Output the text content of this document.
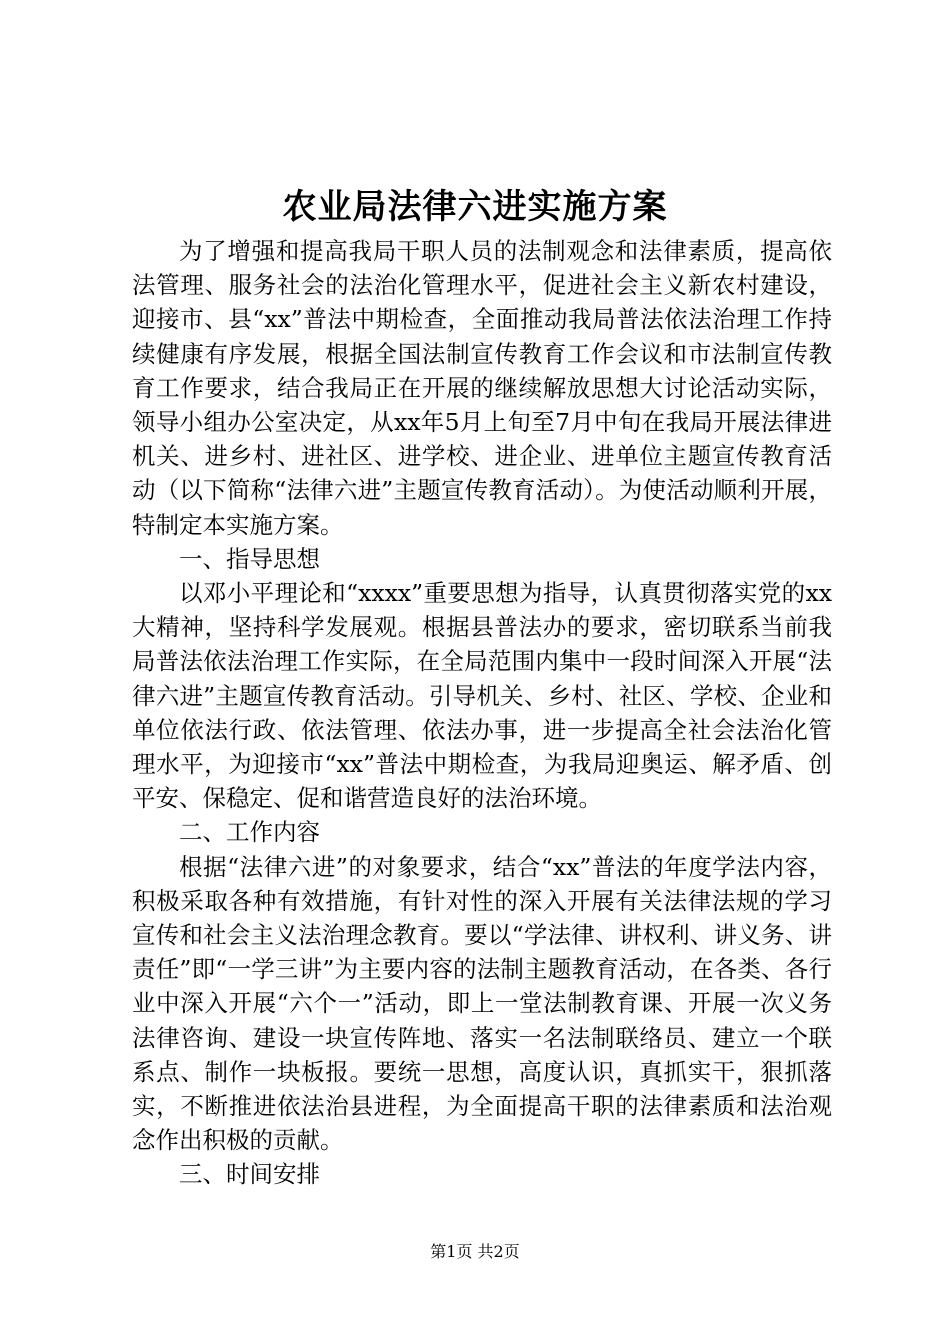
农业局法律六进实施方案

为了增强和提高我局干职人员的法制观念和法律素质，提高依法管理、服务社会的法治化管理水平，促进社会主义新农村建设，迎接市、县“xx”普法中期检查，全面推动我局普法依法治理工作持续健康有序发展，根据全国法制宣传教育工作会议和市法制宣传教育工作要求，结合我局正在开展的继续解放思想大讨论活动实际，领导小组办公室决定，从xx年5月上旬至7月中旬在我局开展法律进机关、进乡村、进社区、进学校、进企业、进单位主题宣传教育活动（以下简称“法律六进”主题宣传教育活动）。为使活动顺利开展，特制定本实施方案。

一、指导思想

以邓小平理论和“xxxx”重要思想为指导，认真贯彻落实党的xx大精神，坚持科学发展观。根据县普法办的要求，密切联系当前我局普法依法治理工作实际，在全局范围内集中一段时间深入开展“法律六进”主题宣传教育活动。引导机关、乡村、社区、学校、企业和单位依法行政、依法管理、依法办事，进一步提高全社会法治化管理水平，为迎接市“xx”普法中期检查，为我局迎奥运、解矛盾、创平安、保稳定、促和谐营造良好的法治环境。

二、工作内容

根据“法律六进”的对象要求，结合“xx”普法的年度学法内容，积极采取各种有效措施，有针对性的深入开展有关法律法规的学习宣传和社会主义法治理念教育。要以“学法律、讲权利、讲义务、讲责任”即“一学三讲”为主要内容的法制主题教育活动，在各类、各行业中深入开展“六个一”活动，即上一堂法制教育课、开展一次义务法律咨询、建设一块宣传阵地、落实一名法制联络员、建立一个联系点、制作一块板报。要统一思想，高度认识，真抓实干，狠抓落实，不断推进依法治县进程，为全面提高干职的法律素质和法治观念作出积极的贡献。

三、时间安排

第1页 共2页
